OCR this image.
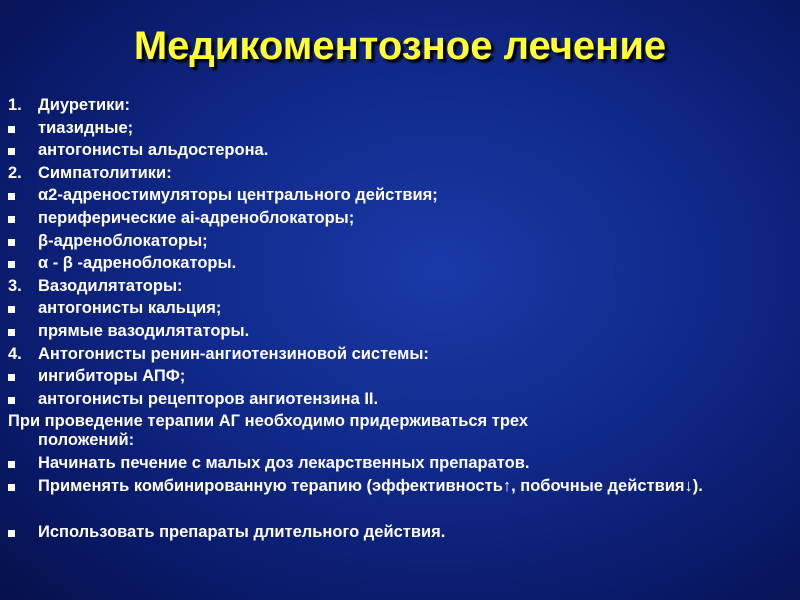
Медикоментозное лечение
1. Диуретики:
тиазидные;
антогонисты альдостерона.
2. Симпатолитики:
α2-адреностимуляторы центрального действия;
периферические аi-адреноблокаторы;
β-адреноблокаторы;
α - β -адреноблокаторы.
3. Вазодилятаторы:
антогонисты кальция;
прямые вазодилятаторы.
4. Антогонисты ренин-ангиотензиновой системы:
ингибиторы АПФ;
антогонисты рецепторов ангиотензина II.
При проведение терапии АГ необходимо придерживаться трех
положений:
Начинать печение с малых доз лекарственных препаратов.
Применять комбинированную терапию (эффективность↑, побочные действия↓).
Использовать препараты длительного действия.
